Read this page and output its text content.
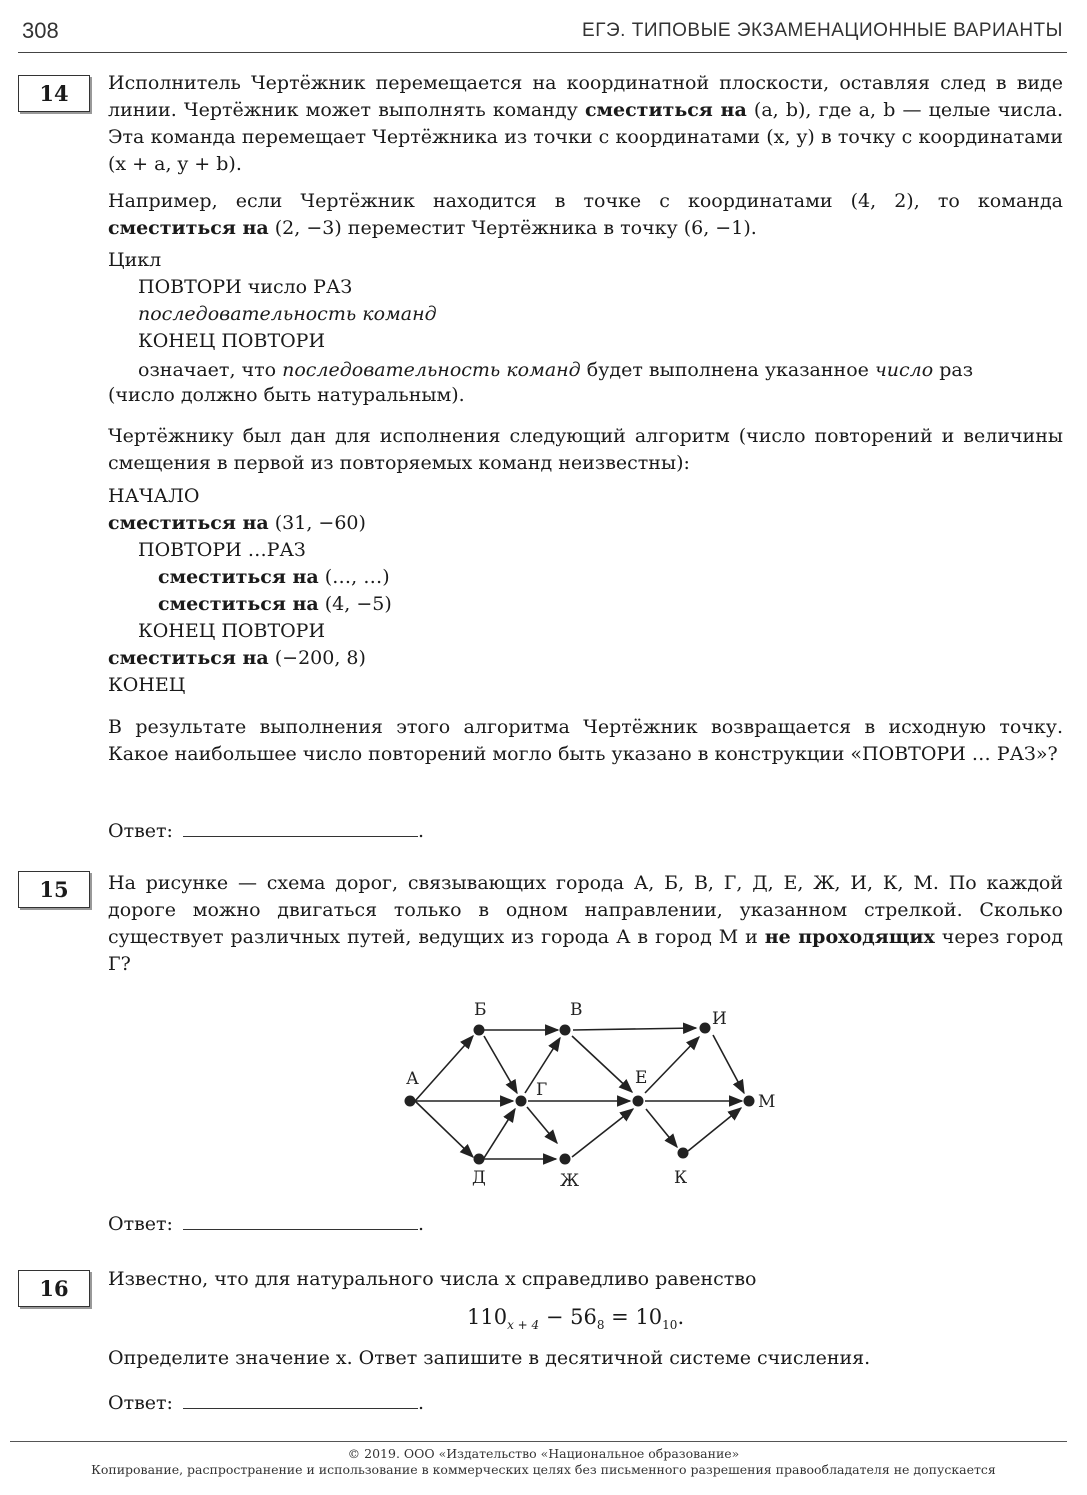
308	ЕГЭ. ТИПОВЫЕ ЭКЗАМЕНАЦИОННЫЕ ВАРИАНТЫ
14	Исполнитель Чертёжник перемещается на координатной плоскости, оставляя след в виде линии. Чертёжник может выполнять команду сместиться на (a, b), где a, b — целые числа. Эта команда перемещает Чертёжника из точки с координатами (x, y) в точку с координатами (x + a, y + b).

Например, если Чертёжник находится в точке с координатами (4, 2), то команда сместиться на (2, −3) переместит Чертёжника в точку (6, −1).

Цикл
ПОВТОРИ число РАЗ
последовательность команд
КОНЕЦ ПОВТОРИ

означает, что последовательность команд будет выполнена указанное число раз

(число должно быть натуральным).

Чертёжнику был дан для исполнения следующий алгоритм (число повторений и величины смещения в первой из повторяемых команд неизвестны):

НАЧАЛО
сместиться на (31, −60)
ПОВТОРИ …РАЗ
сместиться на (…, …)
сместиться на (4, −5)
КОНЕЦ ПОВТОРИ
сместиться на (−200, 8)
КОНЕЦ

В результате выполнения этого алгоритма Чертёжник возвращается в исходную точку. Какое наибольшее число повторений могло быть указано в конструкции «ПОВТОРИ … РАЗ»?

Ответ:	.
15	На рисунке — схема дорог, связывающих города А, Б, В, Г, Д, Е, Ж, И, К, М. По каждой дороге можно двигаться только в одном направлении, указанном стрелкой. Сколько существует различных путей, ведущих из города А в город М и не проходящих через город Г?

А
Б	В
Г
Д
Е
Ж
И
К
М
Ответ:	.
16	Известно, что для натурального числа x справедливо равенство
$110_{x + 4} - 56_8 = 10_{10}$.
Определите значение x. Ответ запишите в десятичной системе счисления.
Ответ:	.
© 2019. ООО «Издательство «Национальное образование»
Копирование, распространение и использование в коммерческих целях без письменного разрешения правообладателя не допускается
